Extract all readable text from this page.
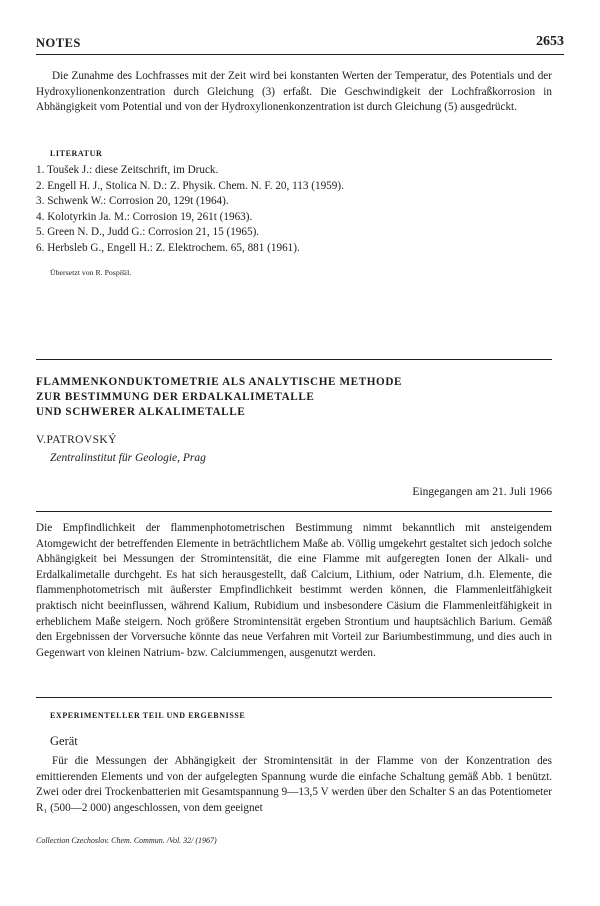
NOTES	2653

Die Zunahme des Lochfrasses mit der Zeit wird bei konstanten Werten der Temperatur, des Potentials und der Hydroxylionenkonzentration durch Gleichung (3) erfaßt. Die Geschwindigkeit der Lochfraßkorrosion in Abhängigkeit vom Potential und von der Hydroxylionenkonzentration ist durch Gleichung (5) ausgedrückt.

LITERATUR
1. Toušek J.: diese Zeitschrift, im Druck.
2. Engell H. J., Stolica N. D.: Z. Physik. Chem. N. F. 20, 113 (1959).
3. Schwenk W.: Corrosion 20, 129t (1964).
4. Kolotyrkin Ja. M.: Corrosion 19, 261t (1963).
5. Green N. D., Judd G.: Corrosion 21, 15 (1965).
6. Herbsleb G., Engell H.: Z. Elektrochem. 65, 881 (1961).
Übersetzt von R. Pospíšil.
FLAMMENKONDUKTOMETRIE ALS ANALYTISCHE METHODE
ZUR BESTIMMUNG DER ERDALKALIMETALLE
UND SCHWERER ALKALIMETALLE
V.PATROVSKÝ
Zentralinstitut für Geologie, Prag
Eingegangen am 21. Juli 1966

Die Empfindlichkeit der flammenphotometrischen Bestimmung nimmt bekanntlich mit ansteigendem Atomgewicht der betreffenden Elemente in beträchtlichem Maße ab. Völlig umgekehrt gestaltet sich jedoch solche Abhängigkeit bei Messungen der Stromintensität, die eine Flamme mit aufgeregten Ionen der Alkali- und Erdalkalimetalle durchgeht. Es hat sich herausgestellt, daß Calcium, Lithium, oder Natrium, d.h. Elemente, die flammenphotometrisch mit äußerster Empfindlichkeit bestimmt werden können, die Flammenleitfähigkeit praktisch nicht beeinflussen, während Kalium, Rubidium und insbesondere Cäsium die Flammenleitfähigkeit in erheblichem Maße steigern. Noch größere Stromintensität ergeben Strontium und hauptsächlich Barium. Gemäß den Ergebnissen der Vorversuche könnte das neue Verfahren mit Vorteil zur Bariumbestimmung, und dies auch in Gegenwart von kleinen Natrium- bzw. Calciummengen, ausgenutzt werden.

EXPERIMENTELLER TEIL UND ERGEBNISSE
Gerät

Für die Messungen der Abhängigkeit der Stromintensität in der Flamme von der Konzentration des emittierenden Elements und von der aufgelegten Spannung wurde die einfache Schaltung gemäß Abb. 1 benützt. Zwei oder drei Trockenbatterien mit Gesamtspannung 9—13,5 V werden über den Schalter S an das Potentiometer R₁ (500—2 000) angeschlossen, von dem geeignet

Collection Czechoslov. Chem. Commun. /Vol. 32/ (1967)
